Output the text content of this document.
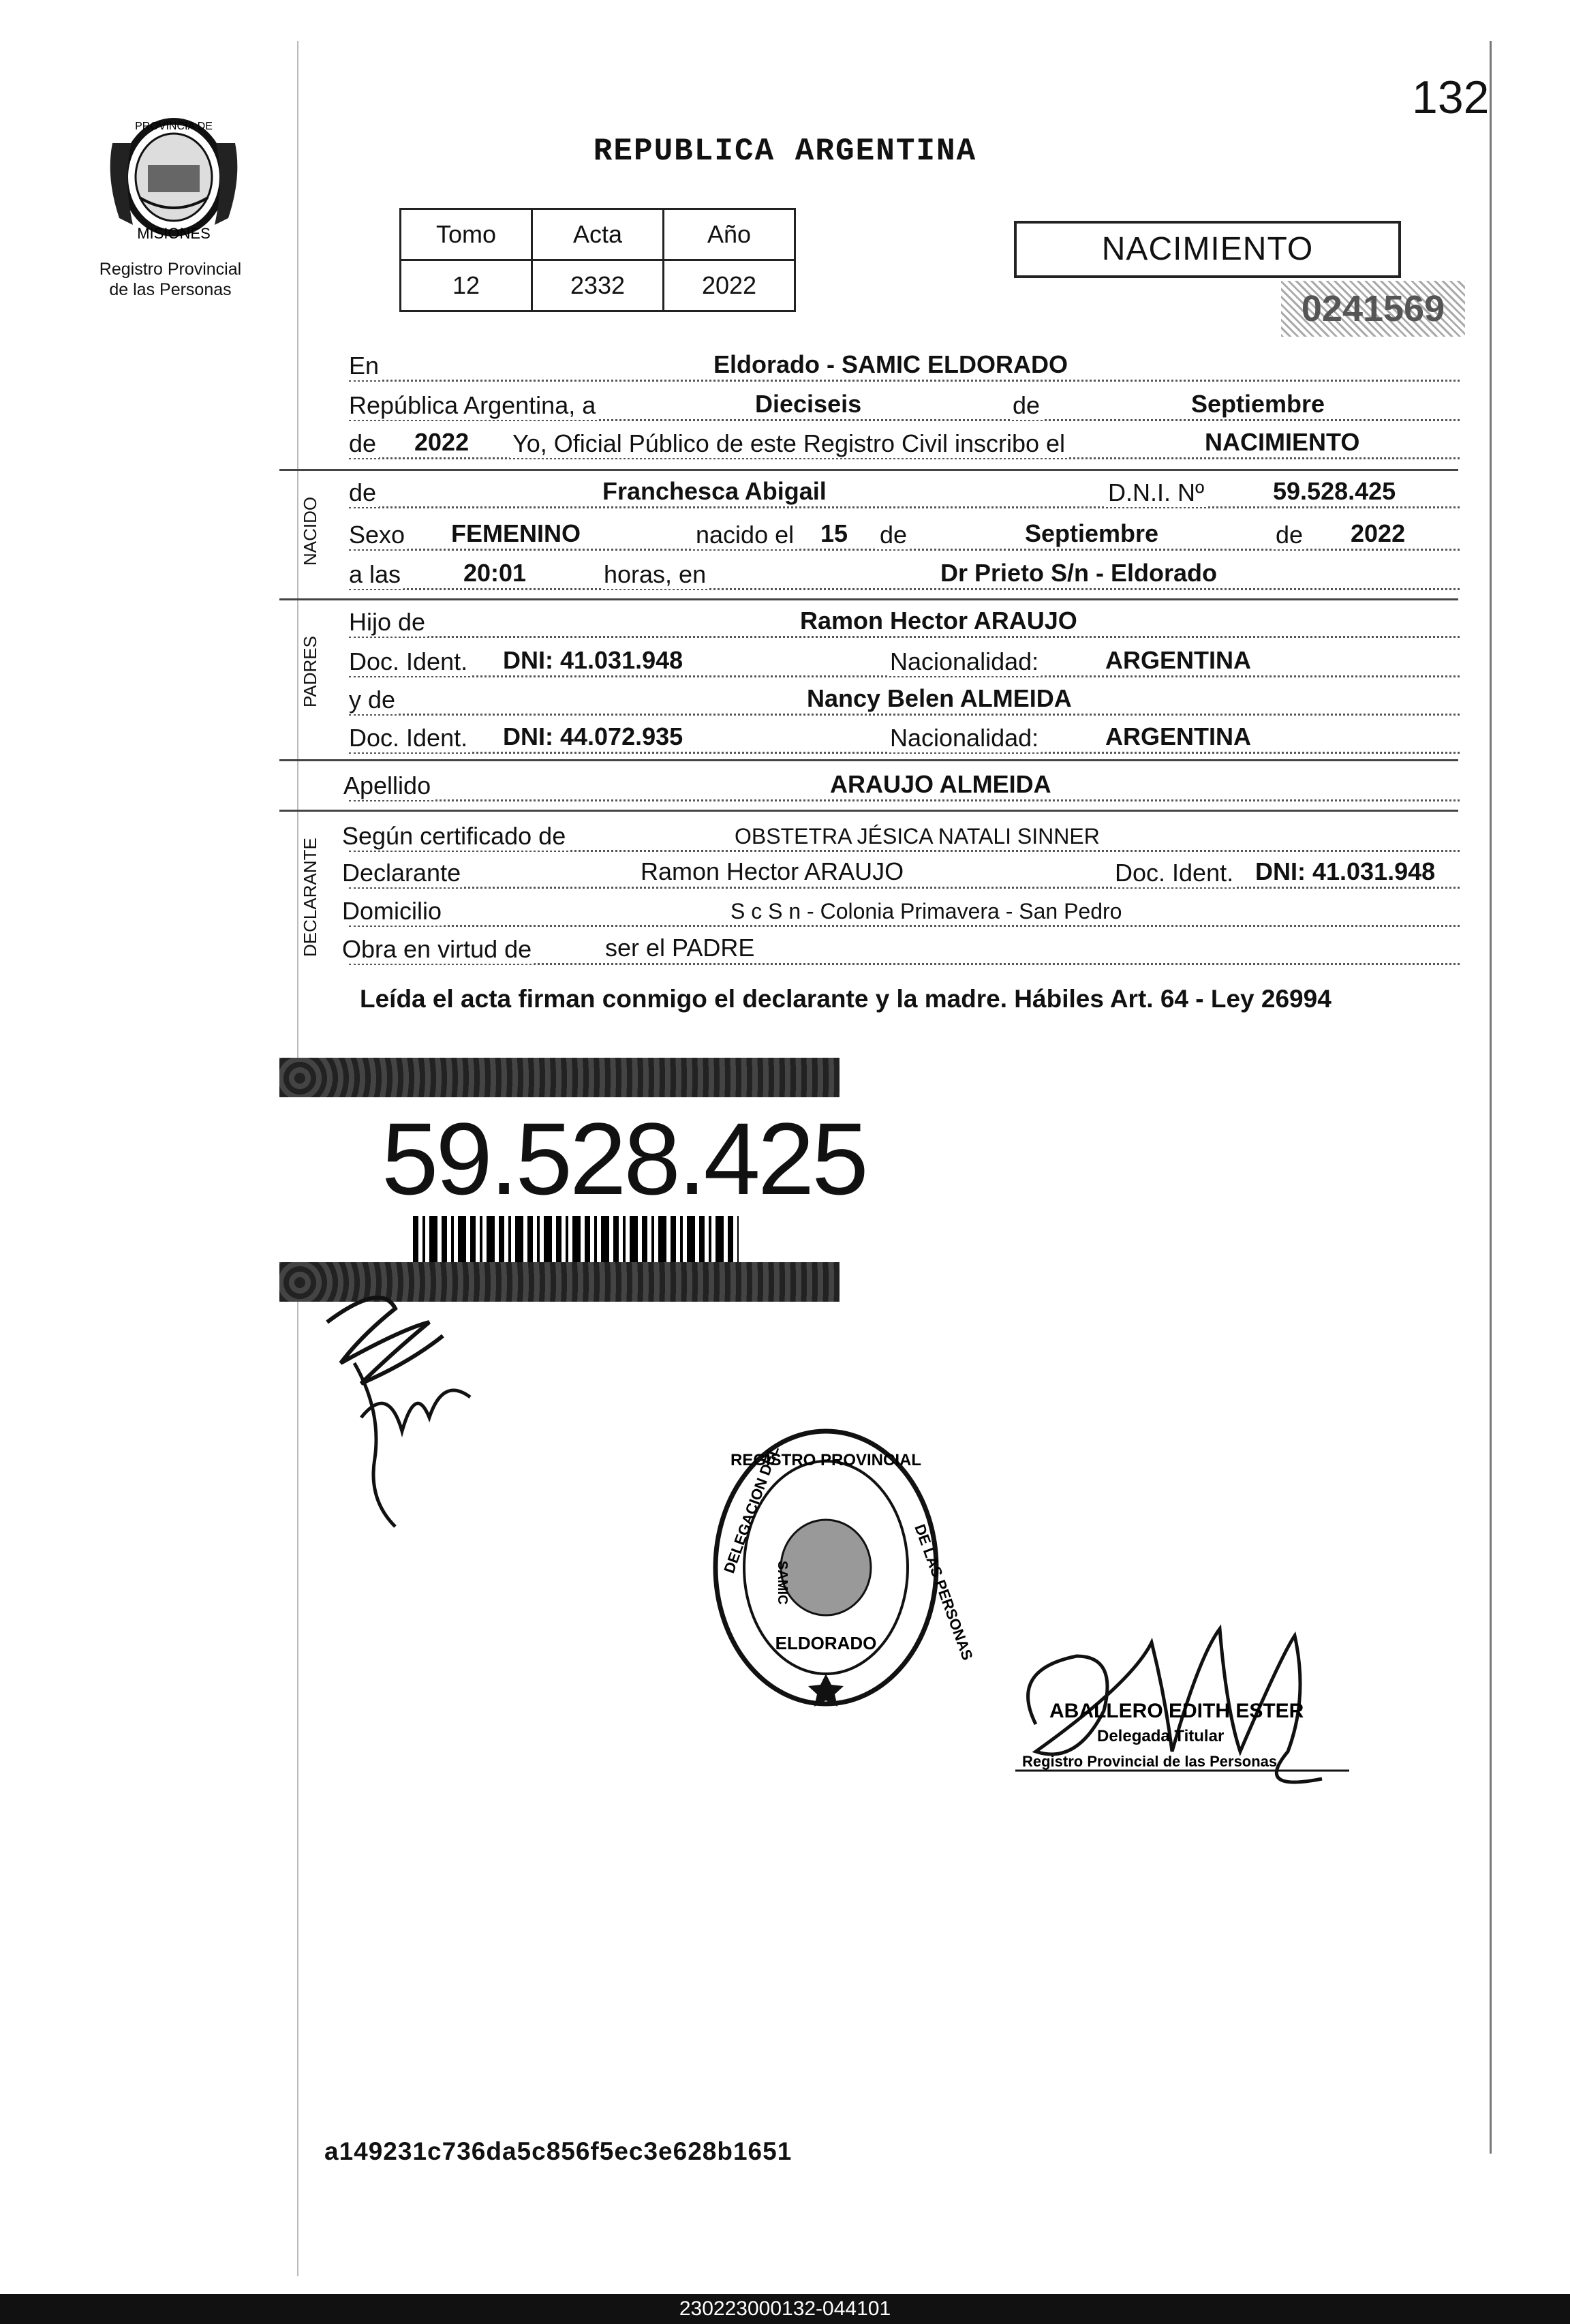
132
PROVINCIA DE
MISIONES
Registro Provincial
de las Personas
REPUBLICA ARGENTINA
Tomo	Acta	Año
12	2332	2022
NACIMIENTO
0241569
En	Eldorado - SAMIC ELDORADO
República Argentina, a	Dieciseis	de	Septiembre
de 2022 Yo, Oficial Público de este Registro Civil inscribo el	NACIMIENTO
de	Franchesca Abigail	D.N.I. Nº	59.528.425
Sexo FEMENINO	nacido el 15 de	Septiembre	de 2022
a las	20:01	horas, en	Dr Prieto S/n - Eldorado
NACIDO
Hijo de	Ramon Hector ARAUJO
Doc. Ident. DNI: 41.031.948	Nacionalidad:	ARGENTINA
y de	Nancy Belen ALMEIDA
Doc. Ident. DNI: 44.072.935	Nacionalidad:	ARGENTINA
PADRES
Apellido	ARAUJO ALMEIDA
Según certificado de	OBSTETRA JÉSICA NATALI SINNER
Declarante	Ramon Hector ARAUJO	Doc. Ident. DNI: 41.031.948
Domicilio	S c S n - Colonia Primavera - San Pedro
Obra en virtud de	ser el PADRE
DECLARANTE
Leída el acta firman conmigo el declarante y la madre. Hábiles Art. 64 - Ley 26994
59.528.425
REGISTRO PROVINCIAL
DELEGACION DEL
DE LAS PERSONAS
SAMIC
ELDORADO
ABALLERO EDITH ESTER
Delegada Titular
Registro Provincial de las Personas
a149231c736da5c856f5ec3e628b1651
230223000132-044101
